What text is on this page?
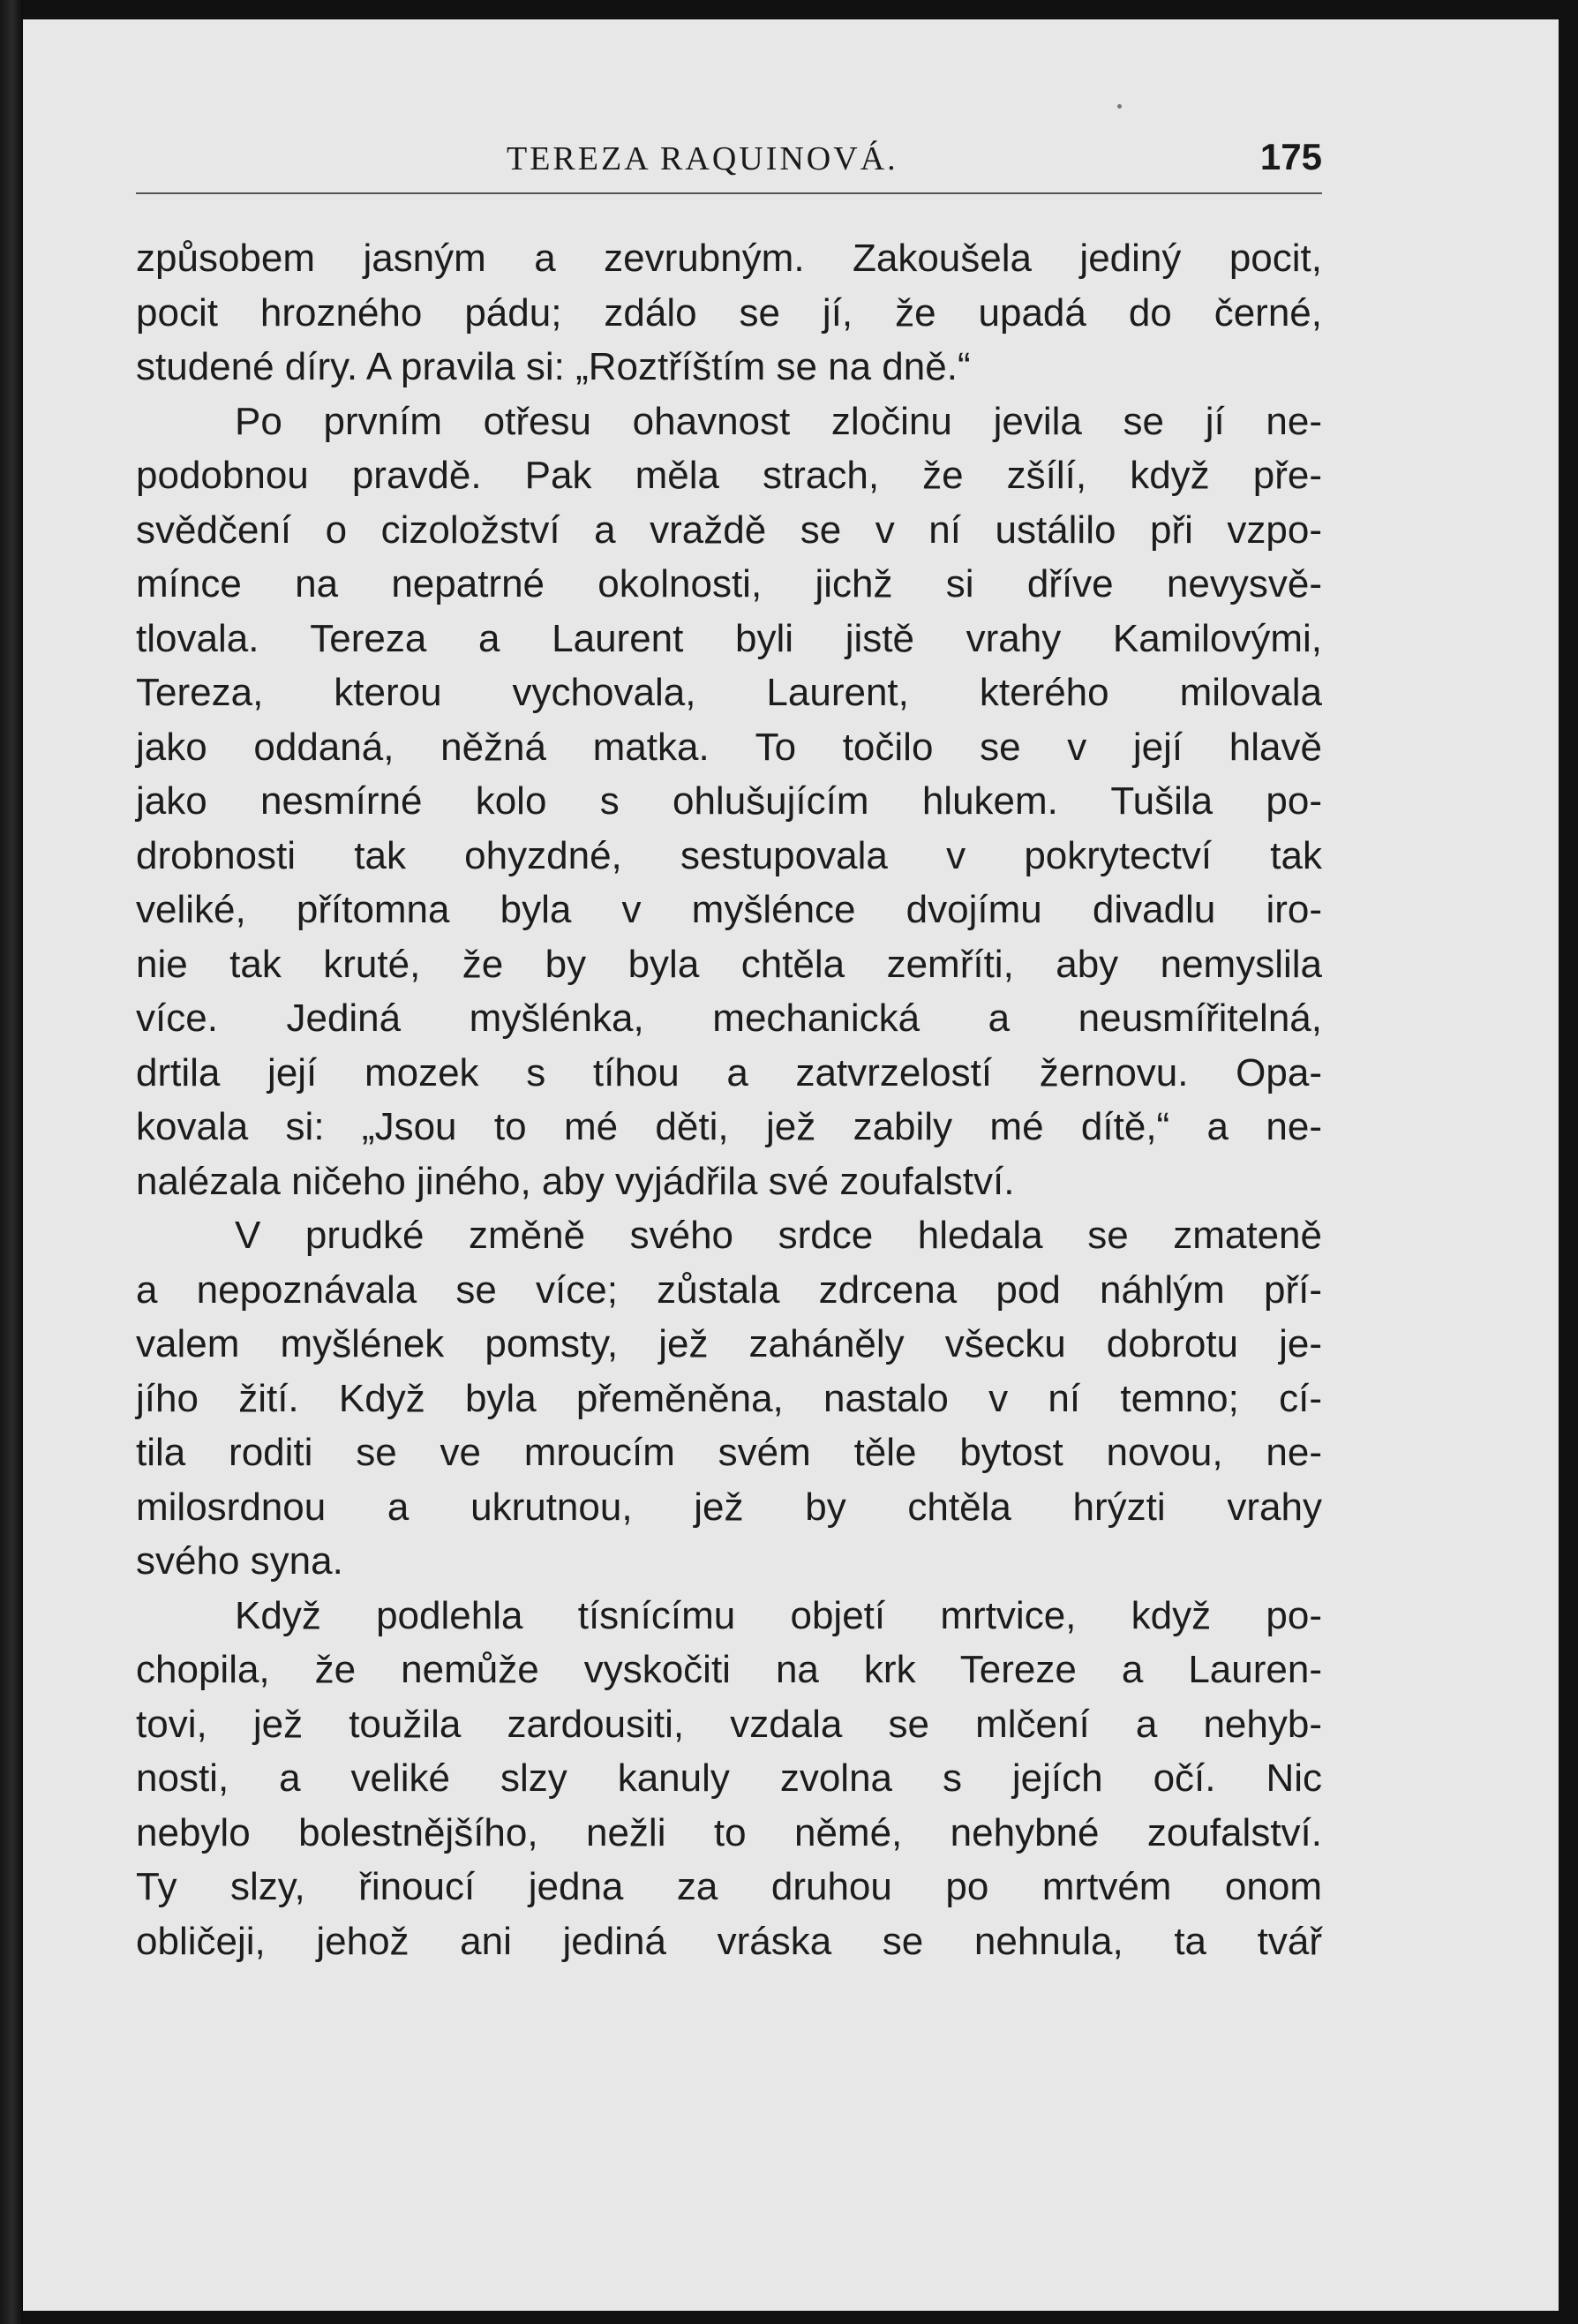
TEREZA RAQUINOVÁ.	175
způsobem jasným a zevrubným. Zakoušela jediný pocit,
pocit hrozného pádu; zdálo se jí, že upadá do černé,
studené díry. A pravila si: „Roztříštím se na dně.“
Po prvním otřesu ohavnost zločinu jevila se jí ne-
podobnou pravdě. Pak měla strach, že zšílí, když pře-
svědčení o cizoložství a vraždě se v ní ustálilo při vzpo-
mínce na nepatrné okolnosti, jichž si dříve nevysvě-
tlovala. Tereza a Laurent byli jistě vrahy Kamilovými,
Tereza, kterou vychovala, Laurent, kterého milovala
jako oddaná, něžná matka. To točilo se v její hlavě
jako nesmírné kolo s ohlušujícím hlukem. Tušila po-
drobnosti tak ohyzdné, sestupovala v pokrytectví tak
veliké, přítomna byla v myšlénce dvojímu divadlu iro-
nie tak kruté, že by byla chtěla zemříti, aby nemyslila
více. Jediná myšlénka, mechanická a neusmířitelná,
drtila její mozek s tíhou a zatvrzelostí žernovu. Opa-
kovala si: „Jsou to mé děti, jež zabily mé dítě,“ a ne-
nalézala ničeho jiného, aby vyjádřila své zoufalství.
V prudké změně svého srdce hledala se zmateně
a nepoznávala se více; zůstala zdrcena pod náhlým pří-
valem myšlének pomsty, jež zaháněly všecku dobrotu je-
jího žití. Když byla přeměněna, nastalo v ní temno; cí-
tila roditi se ve mroucím svém těle bytost novou, ne-
milosrdnou a ukrutnou, jež by chtěla hrýzti vrahy
svého syna.
Když podlehla tísnícímu objetí mrtvice, když po-
chopila, že nemůže vyskočiti na krk Tereze a Lauren-
tovi, jež toužila zardousiti, vzdala se mlčení a nehyb-
nosti, a veliké slzy kanuly zvolna s jejích očí. Nic
nebylo bolestnějšího, nežli to němé, nehybné zoufalství.
Ty slzy, řinoucí jedna za druhou po mrtvém onom
obličeji, jehož ani jediná vráska se nehnula, ta tvář
